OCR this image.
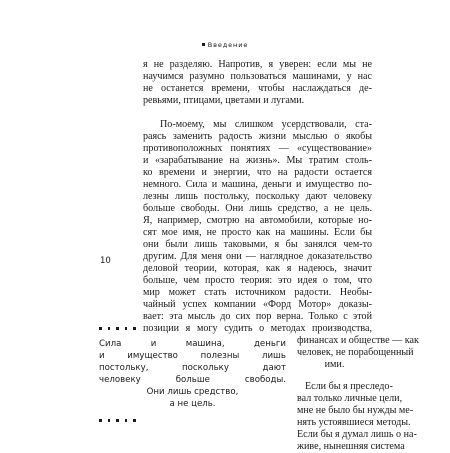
Введение
я не разделяю. Напротив, я уверен: если мы не
научимся разумно пользоваться машинами, у нас
не останется времени, чтобы наслаждаться де-
ревьями, птицами, цветами и лугами.
По-моему, мы слишком усердствовали, ста-
раясь заменить радость жизни мыслью о якобы
противоположных понятиях — «существование»
и «зарабатывание на жизнь». Мы тратим столь-
ко времени и энергии, что на радости остается
немного. Сила и машина, деньги и имущество по-
лезны лишь постольку, поскольку дают человеку
больше свободы. Они лишь средство, а не цель.
Я, например, смотрю на автомобили, которые но-
сят мое имя, не просто как на машины. Если бы
они были лишь таковыми, я бы занялся чем-то
другим. Для меня они — наглядное доказательство
деловой теории, которая, как я надеюсь, значит
больше, чем просто теория: это идея о том, что
мир может стать источником радости. Необы-
чайный успех компании «Форд Мотор» доказы-
вает: эта мысль до сих пор верна. Только с этой
позиции я могу судить о методах производства,
финансах и обществе — как
человек, не порабощенный
ими.
Если бы я преследо-
вал только личные цели,
мне не было бы нужды ме-
нять устоявшиеся методы.
Если бы я думал лишь о на-
живе, нынешняя система
10
Сила и машина, деньги
и имущество полезны лишь
постольку, поскольку дают
человеку больше свободы.
Они лишь средство,
а не цель.
